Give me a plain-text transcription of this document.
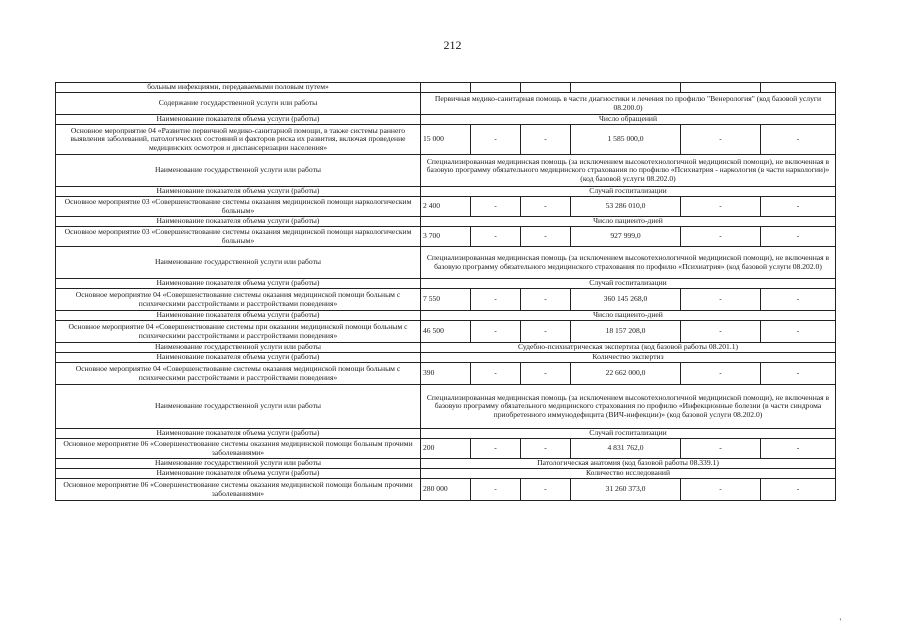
212
больным инфекциями, передаваемыми половым путем»						
Содержание государственной услуги или работы	Первичная медико-санитарная помощь в части диагностики и лечения по профилю "Венерология" (код базовой услуги 08.200.0)					
Наименование показателя объема услуги (работы)	Число обращений					
Основное мероприятие 04 «Развитие первичной медико-санитарной помощи, в также системы раннего выявления заболеваний, патологических состояний и факторов риска их развития, включая проведение медицинских осмотров и диспансеризации населения»	15 000	-	-	1 585 000,0	-	-
Наименование государственной услуги или работы	Специализированная медицинская помощь (за исключением высокотехнологичной медицинской помощи), не включенная в базовую программу обязательного медицинского страхования по профилю «Психиатрия - наркология (в части наркологии)» (код базовой услуги 08.202.0)					
Наименование показателя объема услуги (работы)	Случай госпитализации					
Основное мероприятие 03 «Совершенствование системы оказания медицинской помощи наркологическим больным»	2 400	-	-	53 286 010,0	-	-
Наименование показателя объема услуги (работы)	Число пациенто-дней					
Основное мероприятие 03 «Совершенствование системы оказания медицинской помощи наркологическим больным»	3 700	-	-	927 999,0	-	-
Наименование государственной услуги или работы	Специализированная медицинская помощь (за исключением высокотехнологичной медицинской помощи), не включенная в базовую программу обязательного медицинского страхования по профилю «Психиатрия» (код базовой услуги 08.202.0)					
Наименование показателя объема услуги (работы)	Случай госпитализации					
Основное мероприятие 04 «Совершенствование системы оказания медицинской помощи больным с психическими расстройствами и расстройствами поведения»	7 550	-	-	360 145 268,0	-	-
Наименование показателя объема услуги (работы)	Число пациенто-дней					
Основное мероприятие 04 «Совершенствование системы при оказании медицинской помощи больным с психическими расстройствами и расстройствами поведения»	46 500	-	-	18 157 208,0	-	-
Наименование государственной услуги или работы	Судебно-психиатрическая экспертиза (код базовой работы 08.201.1)					
Наименование показателя объема услуги (работы)	Количество экспертиз					
Основное мероприятие 04 «Совершенствование системы оказания медицинской помощи больным с психическими расстройствами и расстройствами поведения»	390	-	-	22 662 000,0	-	-
Наименование государственной услуги или работы	Специализированная медицинская помощь (за исключением высокотехнологичной медицинской помощи), не включенная в базовую программу обязательного медицинского страхования по профилю «Инфекционные болезни (в части синдрома приобретенного иммунодефицита (ВИЧ-инфекции)» (код базовой услуги 08.202.0)					
Наименование показателя объема услуги (работы)	Случай госпитализации					
Основное мероприятие 06 «Совершенствование системы оказания медицинской помощи больным прочими заболеваниями»	200	-	-	4 831 762,0	-	-
Наименование государственной услуги или работы	Патологическая анатомия (код базовой работы 08.339.1)					
Наименование показателя объема услуги (работы)	Количество исследований					
Основное мероприятие 06 «Совершенствование системы оказания медицинской помощи больным прочими заболеваниями»	280 000	-	-	31 260 373,0	-	-
'
